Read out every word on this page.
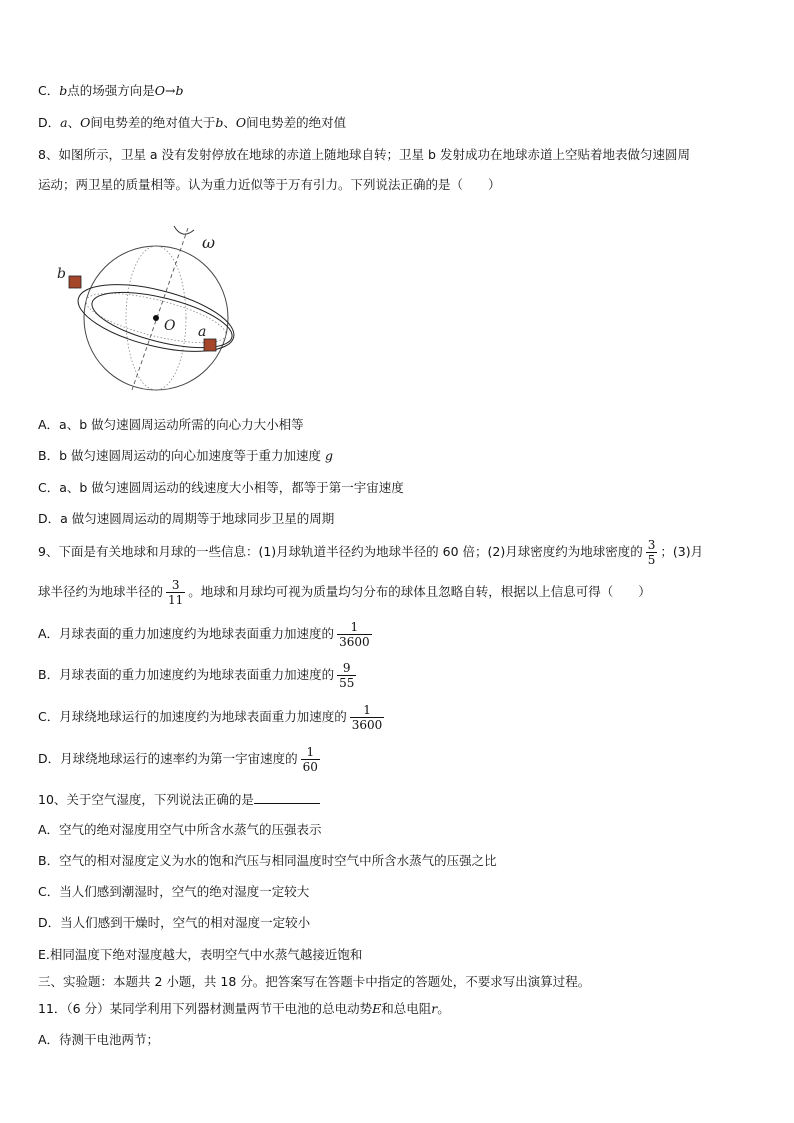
C．b点的场强方向是O→b
D．a、O间电势差的绝对值大于b、O间电势差的绝对值
8、如图所示，卫星 a 没有发射停放在地球的赤道上随地球自转；卫星 b 发射成功在地球赤道上空贴着地表做匀速圆周
运动；两卫星的质量相等。认为重力近似等于万有引力。下列说法正确的是（　　）
ω
O
b
a
A．a、b 做匀速圆周运动所需的向心力大小相等
B．b 做匀速圆周运动的向心加速度等于重力加速度 g
C．a、b 做匀速圆周运动的线速度大小相等，都等于第一宇宙速度
D．a 做匀速圆周运动的周期等于地球同步卫星的周期
9、下面是有关地球和月球的一些信息：(1)月球轨道半径约为地球半径的 60 倍；(2)月球密度约为地球密度的 $\frac{3}{5}$ ；(3)月
球半径约为地球半径的 $\frac{3}{11}$ 。地球和月球均可视为质量均匀分布的球体且忽略自转，根据以上信息可得（　　）
A．月球表面的重力加速度约为地球表面重力加速度的 $\frac{1}{3600}$
B．月球表面的重力加速度约为地球表面重力加速度的 $\frac{9}{55}$
C．月球绕地球运行的加速度约为地球表面重力加速度的 $\frac{1}{3600}$
D．月球绕地球运行的速率约为第一宇宙速度的 $\frac{1}{60}$
10、关于空气湿度，下列说法正确的是
A．空气的绝对湿度用空气中所含水蒸气的压强表示
B．空气的相对湿度定义为水的饱和汽压与相同温度时空气中所含水蒸气的压强之比
C．当人们感到潮湿时，空气的绝对湿度一定较大
D．当人们感到干燥时，空气的相对湿度一定较小
E.相同温度下绝对湿度越大，表明空气中水蒸气越接近饱和
三、实验题：本题共 2 小题，共 18 分。把答案写在答题卡中指定的答题处，不要求写出演算过程。
11．（6 分）某同学利用下列器材测量两节干电池的总电动势E和总电阻r。
A．待测干电池两节；
